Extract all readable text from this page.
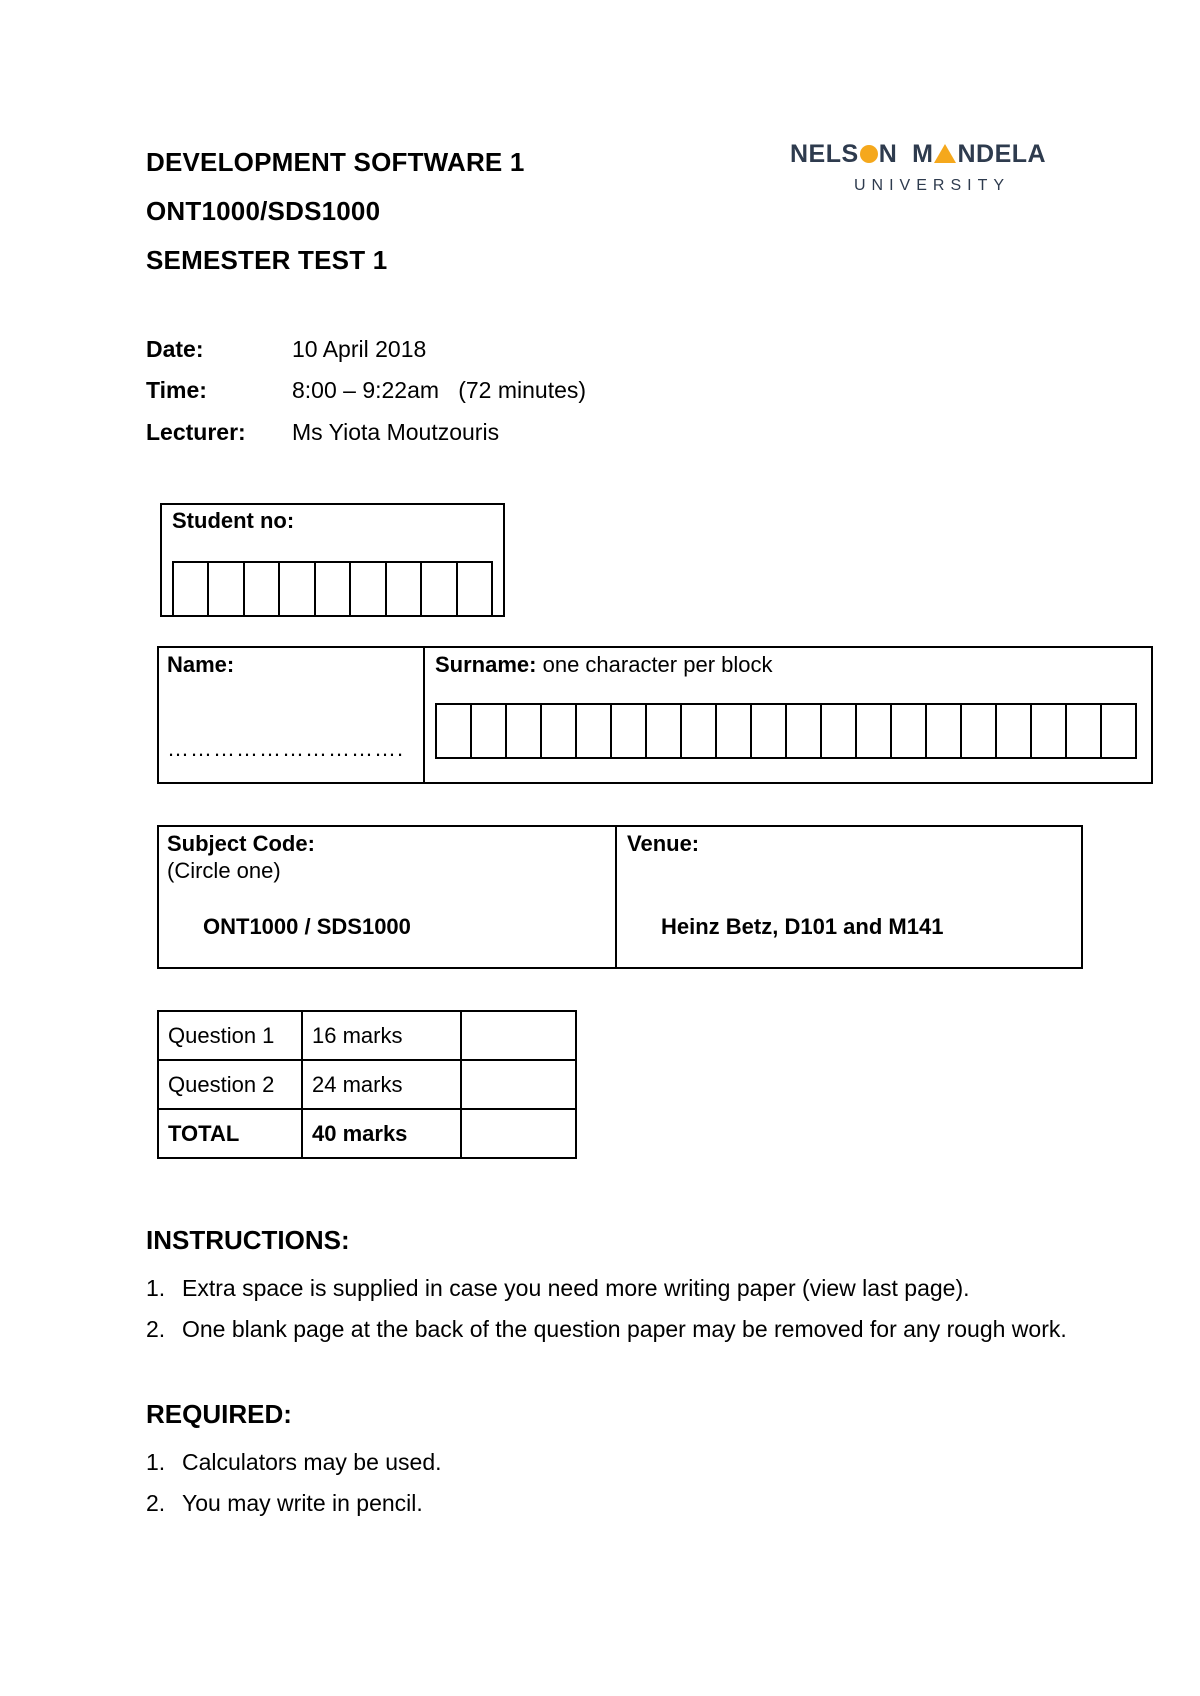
DEVELOPMENT SOFTWARE 1
ONT1000/SDS1000
SEMESTER TEST 1
NELS N M NDELA
UNIVERSITY
Date:	10 April 2018
Time:	8:00 – 9:22am   (72 minutes)
Lecturer: Ms Yiota Moutzouris
Student no:
Name:
………………………….
Surname: one character per block
Subject Code:
(Circle one)
ONT1000 / SDS1000
Venue:
Heinz Betz, D101 and M141
Question 1	16 marks	
Question 2	24 marks	
TOTAL	40 marks	
INSTRUCTIONS:
1. Extra space is supplied in case you need more writing paper (view last page).
2. One blank page at the back of the question paper may be removed for any rough work.
REQUIRED:
1. Calculators may be used.
2. You may write in pencil.
